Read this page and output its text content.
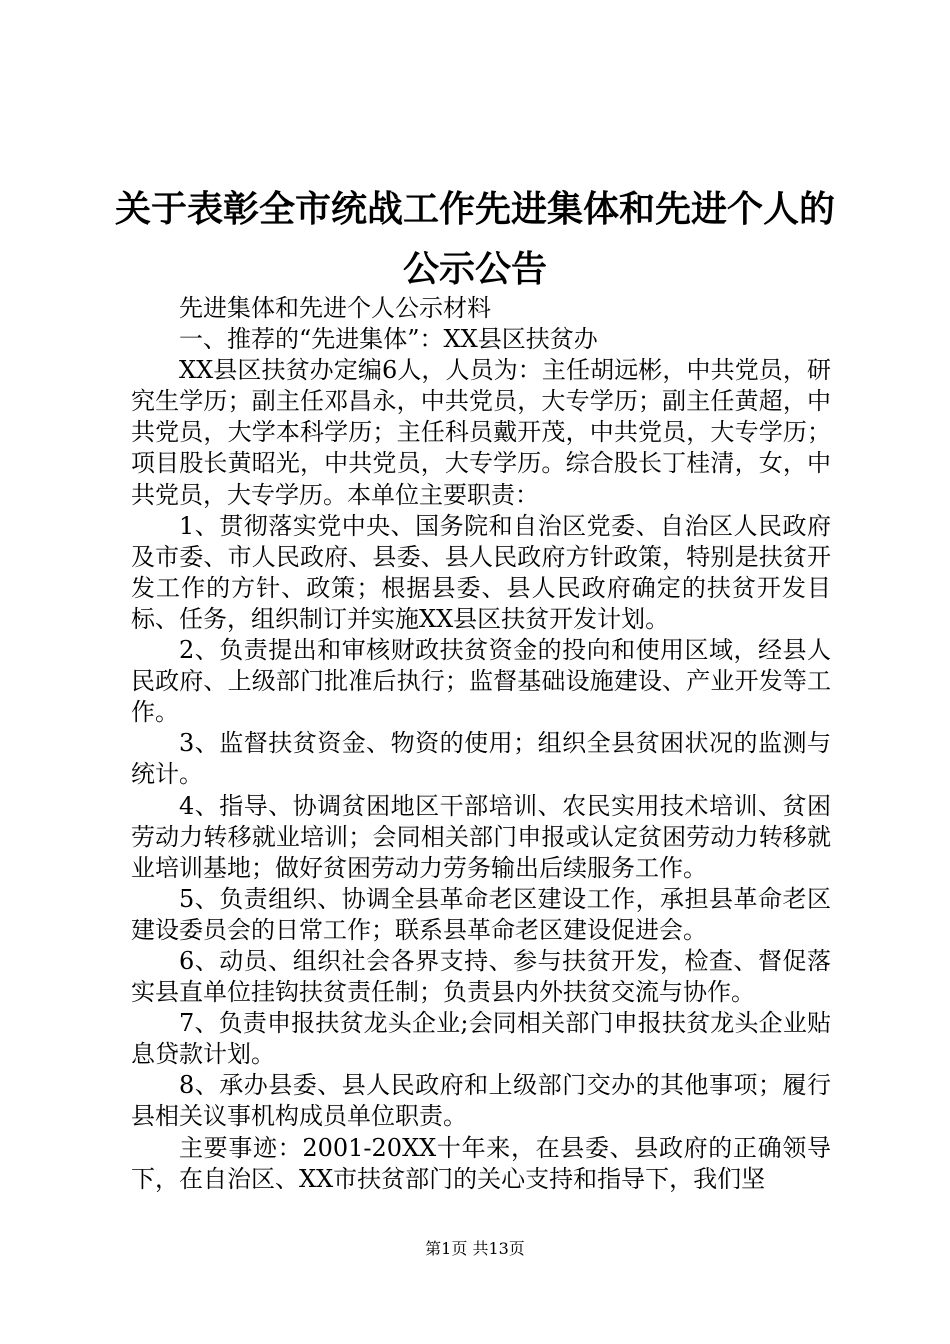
关于表彰全市统战工作先进集体和先进个人的
公示公告

先进集体和先进个人公示材料

一、推荐的“先进集体”：XX县区扶贫办

XX县区扶贫办定编6人，人员为：主任胡远彬，中共党员，研究生学历；副主任邓昌永，中共党员，大专学历；副主任黄超，中共党员，大学本科学历；主任科员戴开茂，中共党员，大专学历；项目股长黄昭光，中共党员，大专学历。综合股长丁桂清，女，中共党员，大专学历。本单位主要职责：

1、贯彻落实党中央、国务院和自治区党委、自治区人民政府及市委、市人民政府、县委、县人民政府方针政策，特别是扶贫开发工作的方针、政策；根据县委、县人民政府确定的扶贫开发目标、任务，组织制订并实施XX县区扶贫开发计划。

2、负责提出和审核财政扶贫资金的投向和使用区域，经县人民政府、上级部门批准后执行；监督基础设施建设、产业开发等工作。

3、监督扶贫资金、物资的使用；组织全县贫困状况的监测与统计。

4、指导、协调贫困地区干部培训、农民实用技术培训、贫困劳动力转移就业培训；会同相关部门申报或认定贫困劳动力转移就业培训基地；做好贫困劳动力劳务输出后续服务工作。

5、负责组织、协调全县革命老区建设工作，承担县革命老区建设委员会的日常工作；联系县革命老区建设促进会。

6、动员、组织社会各界支持、参与扶贫开发，检查、督促落实县直单位挂钩扶贫责任制；负责县内外扶贫交流与协作。

7、负责申报扶贫龙头企业;会同相关部门申报扶贫龙头企业贴息贷款计划。

8、承办县委、县人民政府和上级部门交办的其他事项；履行县相关议事机构成员单位职责。

主要事迹：2001-20XX十年来，在县委、县政府的正确领导下，在自治区、XX市扶贫部门的关心支持和指导下，我们坚

第1页 共13页
